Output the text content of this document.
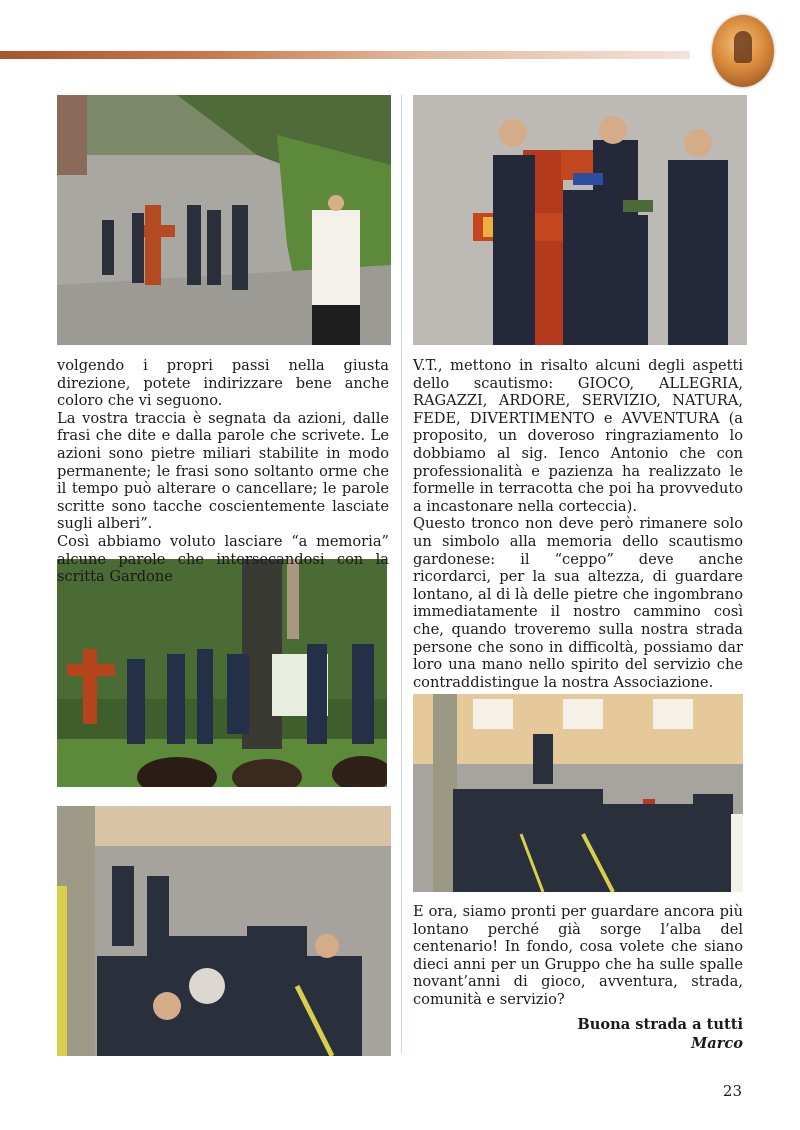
volgendo i propri passi nella giusta direzione, potete indirizzare bene anche coloro che vi seguono.

La vostra traccia è segnata da azioni, dalle frasi che dite e dalla parole che scrivete. Le azioni sono pietre miliari stabilite in modo permanente; le frasi sono soltanto orme che il tempo può alterare o cancellare; le parole scritte sono tacche coscientemente lasciate sugli alberi”.

Così abbiamo voluto lasciare “a memoria” alcune parole che intersecandosi con la scritta Gardone

V.T., mettono in risalto alcuni degli aspetti dello scautismo: GIOCO, ALLEGRIA, RAGAZZI, ARDORE, SERVIZIO, NATURA, FEDE, DIVERTIMENTO e AVVENTURA (a proposito, un doveroso ringraziamento lo dobbiamo al sig. Ienco Antonio che con professionalità e pazienza ha realizzato le formelle in terracotta che poi ha provveduto a incastonare nella corteccia).

Questo tronco non deve però rimanere solo un simbolo alla memoria dello scautismo gardonese: il “ceppo” deve anche ricordarci, per la sua altezza, di guardare lontano, al di là delle pietre che ingombrano immediatamente il nostro cammino così che, quando troveremo sulla nostra strada persone che sono in difficoltà, possiamo dar loro una mano nello spirito del servizio che contraddistingue la nostra Associazione.

E ora, siamo pronti per guardare ancora più lontano perché già sorge l’alba del centenario! In fondo, cosa volete che siano dieci anni per un Gruppo che ha sulle spalle novant’anni di gioco, avventura, strada, comunità e servizio?

Buona strada a tutti
Marco
23
